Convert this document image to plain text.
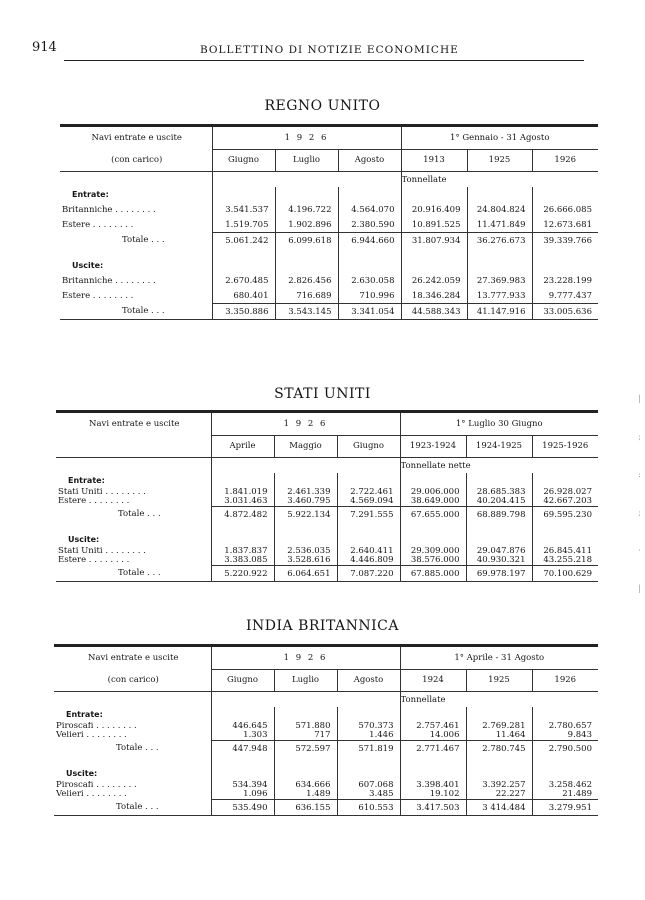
914	BOLLETTINO DI NOTIZIE ECONOMICHE
|
;
:
;
·
|
REGNO UNITO
STATI UNITI
INDIA BRITANNICA
Navi entrate e uscite	1 9 2 6			1° Gennaio - 31 Agosto		
(con carico)	Giugno	Luglio	Agosto	1913	1925	1926
				Tonnellate		
Entrate:						
Britanniche . . . . . . . .	3.541.537	4.196.722	4.564.070	20.916.409	24.804.824	26.666.085
Estere . . . . . . . .	1.519.705	1.902.896	2.380.590	10.891.525	11.471.849	12.673.681
Totale . . .	5.061.242	6.099.618	6.944.660	31.807.934	36.276.673	39.339.766

Uscite:						
Britanniche . . . . . . . .	2.670.485	2.826.456	2.630.058	26.242.059	27.369.983	23.228.199
Estere . . . . . . . .	680.401	716.689	710.996	18.346.284	13.777.933	9.777.437
Totale . . .	3.350.886	3.543.145	3.341.054	44.588.343	41.147.916	33.005.636
Navi entrate e uscite	1 9 2 6			1° Luglio 30 Giugno		
	Aprile	Maggio	Giugno	1923-1924	1924-1925	1925-1926
				Tonnellate nette		
Entrate:						
Stati Uniti . . . . . . . .	1.841.019	2.461.339	2.722.461	29.006.000	28.685.383	26.928.027
Estere . . . . . . . .	3.031.463	3.460.795	4.569.094	38.649.000	40.204.415	42.667.203
Totale . . .	4.872.482	5.922.134	7.291.555	67.655.000	68.889.798	69.595.230

Uscite:						
Stati Uniti . . . . . . . .	1.837.837	2.536.035	2.640.411	29.309.000	29.047.876	26.845.411
Estere . . . . . . . .	3.383.085	3.528.616	4.446.809	38.576.000	40.930.321	43.255.218
Totale . . .	5.220.922	6.064.651	7.087.220	67.885.000	69.978.197	70.100.629
Navi entrate e uscite	1 9 2 6			1° Aprile - 31 Agosto		
(con carico)	Giugno	Luglio	Agosto	1924	1925	1926
				Tonnellate		
Entrate:						
Piroscafi . . . . . . . .	446.645	571.880	570.373	2.757.461	2.769.281	2.780.657
Velieri . . . . . . . .	1.303	717	1.446	14.006	11.464	9.843
Totale . . .	447.948	572.597	571.819	2.771.467	2.780.745	2.790.500

Uscite:						
Piroscafi . . . . . . . .	534.394	634.666	607.068	3.398.401	3.392.257	3.258.462
Velieri . . . . . . . .	1.096	1.489	3.485	19.102	22.227	21.489
Totale . . .	535.490	636.155	610.553	3.417.503	3 414.484	3.279.951
